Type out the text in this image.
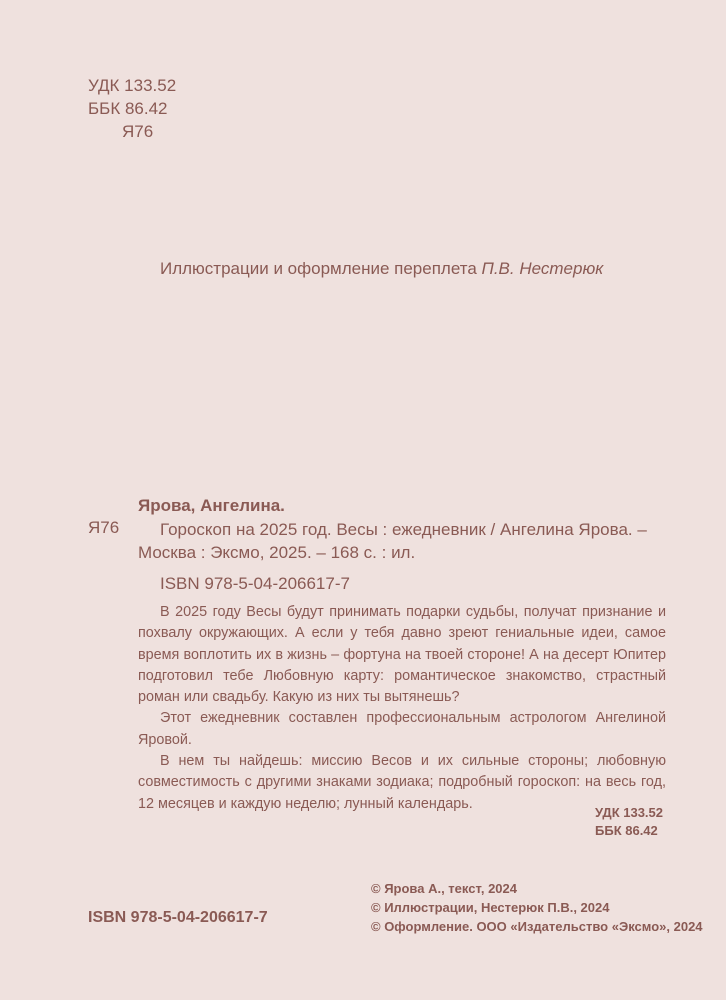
УДК 133.52
ББК 86.42
Я76
Иллюстрации и оформление переплета П.В. Нестерюк
Ярова, Ангелина.
Я76	Гороскоп на 2025 год. Весы : ежедневник / Ангелина Ярова. – Москва : Эксмо, 2025. – 168 с. : ил.
ISBN 978-5-04-206617-7

В 2025 году Весы будут принимать подарки судьбы, получат признание и похвалу окружающих. А если у тебя давно зреют гениальные идеи, самое время воплотить их в жизнь – фортуна на твоей стороне! А на десерт Юпитер подготовил тебе Любовную карту: романтическое знакомство, страстный роман или свадьбу. Какую из них ты вытянешь?

Этот ежедневник составлен профессиональным астрологом Ангелиной Яровой.

В нем ты найдешь: миссию Весов и их сильные стороны; любовную совместимость с другими знаками зодиака; подробный гороскоп: на весь год, 12 месяцев и каждую неделю; лунный календарь.

УДК 133.52
ББК 86.42
© Ярова А., текст, 2024
© Иллюстрации, Нестерюк П.В., 2024
© Оформление. ООО «Издательство «Эксмо», 2024
ISBN 978-5-04-206617-7
